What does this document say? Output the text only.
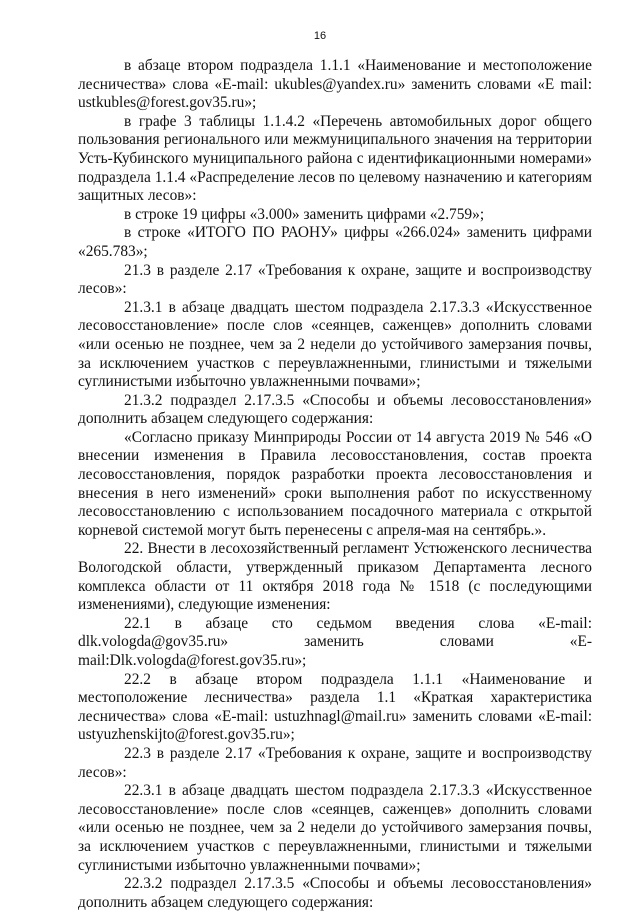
16

в абзаце втором подраздела 1.1.1 «Наименование и местоположение лесничества» слова «E-mail: ukubles@yandex.ru» заменить словами «E mail: ustkubles@forest.gov35.ru»;

в графе 3 таблицы 1.1.4.2 «Перечень автомобильных дорог общего пользования регионального или межмуниципального значения на территории Усть-Кубинского муниципального района с идентификационными номерами» подраздела 1.1.4 «Распределение лесов по целевому назначению и категориям защитных лесов»:

в строке 19 цифры «3.000» заменить цифрами «2.759»;

в строке «ИТОГО ПО РАОНУ» цифры «266.024» заменить цифрами «265.783»;

21.3 в разделе 2.17 «Требования к охране, защите и воспроизводству лесов»:

21.3.1 в абзаце двадцать шестом подраздела 2.17.3.3 «Искусственное лесовосстановление» после слов «сеянцев, саженцев» дополнить словами «или осенью не позднее, чем за 2 недели до устойчивого замерзания почвы, за исключением участков с переувлажненными, глинистыми и тяжелыми суглинистыми избыточно увлажненными почвами»;

21.3.2 подраздел 2.17.3.5 «Способы и объемы лесовосстановления» дополнить абзацем следующего содержания:

«Согласно приказу Минприроды России от 14 августа 2019 № 546 «О внесении изменения в Правила лесовосстановления, состав проекта лесовосстановления, порядок разработки проекта лесовосстановления и внесения в него изменений» сроки выполнения работ по искусственному лесовосстановлению с использованием посадочного материала с открытой корневой системой могут быть перенесены с апреля-мая на сентябрь.».

22. Внести в лесохозяйственный регламент Устюженского лесничества Вологодской области, утвержденный приказом Департамента лесного комплекса области от 11 октября 2018 года № 1518 (с последующими изменениями), следующие изменения:

22.1 в абзаце сто седьмом введения слова «E-mail: dlk.vologda@gov35.ru» заменить словами «E-mail:Dlk.vologda@forest.gov35.ru»;

22.2 в абзаце втором подраздела 1.1.1 «Наименование и местоположение лесничества» раздела 1.1 «Краткая характеристика лесничества» слова «E-mail: ustuzhnagl@mail.ru» заменить словами «E-mail: ustyuzhenskijto@forest.gov35.ru»;

22.3 в разделе 2.17 «Требования к охране, защите и воспроизводству лесов»:

22.3.1 в абзаце двадцать шестом подраздела 2.17.3.3 «Искусственное лесовосстановление» после слов «сеянцев, саженцев» дополнить словами «или осенью не позднее, чем за 2 недели до устойчивого замерзания почвы, за исключением участков с переувлажненными, глинистыми и тяжелыми суглинистыми избыточно увлажненными почвами»;

22.3.2 подраздел 2.17.3.5 «Способы и объемы лесовосстановления» дополнить абзацем следующего содержания:
